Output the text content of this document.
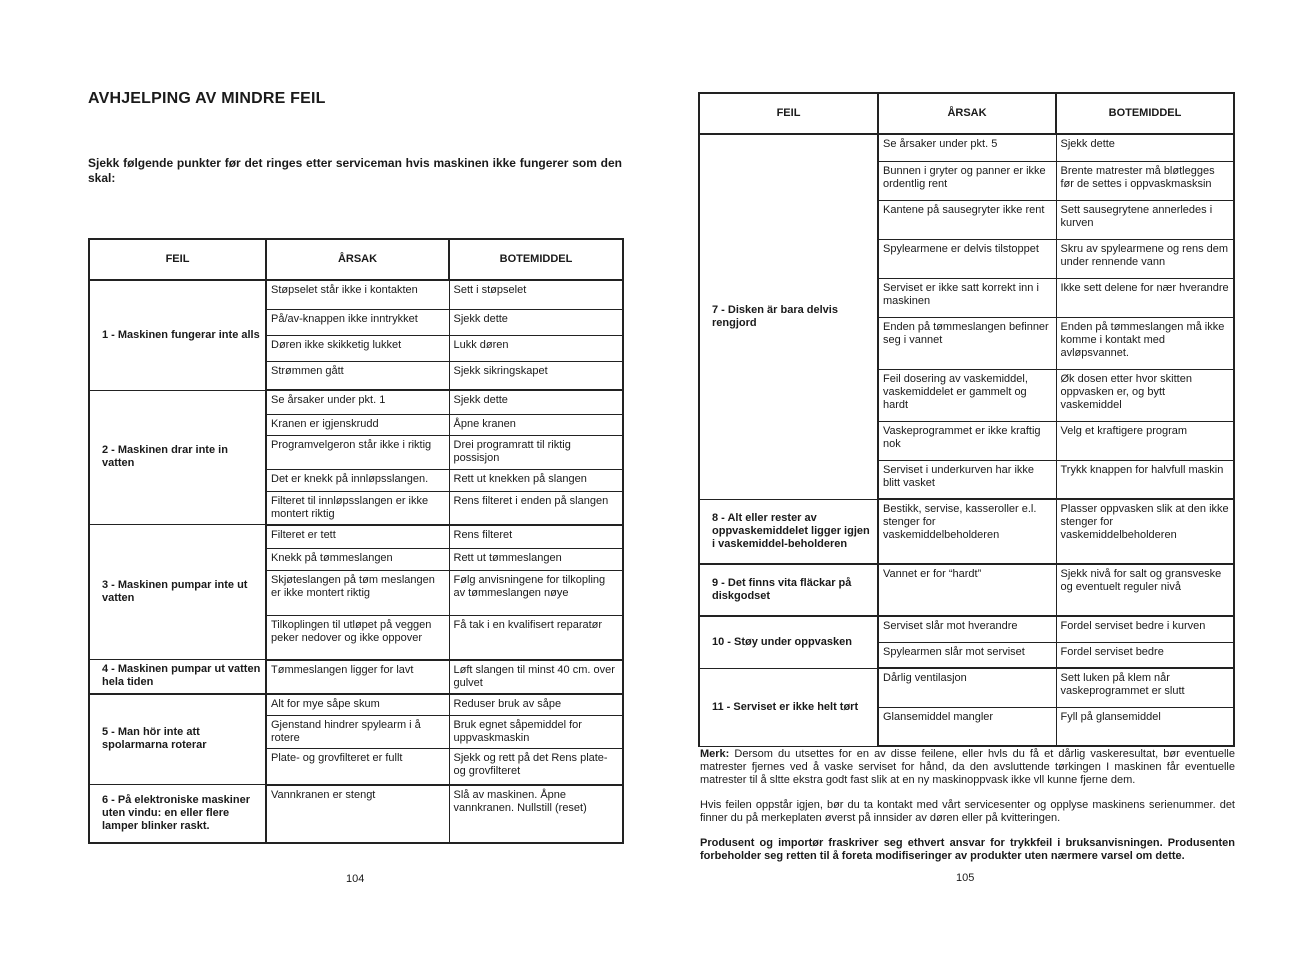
AVHJELPING AV MINDRE FEIL
Sjekk følgende punkter før det ringes etter serviceman hvis maskinen ikke fungerer som den skal:
FEIL	ÅRSAK	BOTEMIDDEL
1 - Maskinen fungerar inte alls	Støpselet står ikke i kontakten	Sett i støpselet
	På/av-knappen ikke inntrykket	Sjekk dette
	Døren ikke skikketig lukket	Lukk døren
	Strømmen gått	Sjekk sikringskapet
2 - Maskinen drar inte in vatten	Se årsaker under pkt. 1	Sjekk dette
	Kranen er igjenskrudd	Åpne kranen
	Programvelgeron står ikke i riktig	Drei programratt til riktig possisjon
	Det er knekk på innløpsslangen.	Rett ut knekken på slangen
	Filteret til innløpsslangen er ikke montert riktig	Rens filteret i enden på slangen
3 - Maskinen pumpar inte ut vatten	Filteret er tett	Rens filteret
	Knekk på tømmeslangen	Rett ut tømmeslangen
	Skjøteslangen på tøm meslangen er ikke montert riktig	Følg anvisningene for tilkopling av tømmeslangen nøye
	Tilkoplingen til utløpet på veggen peker nedover og ikke oppover	Få tak i en kvalifisert reparatør
4 - Maskinen pumpar ut vatten hela tiden	Tømmeslangen ligger for lavt	Løft slangen til minst 40 cm. over gulvet
5 - Man hör inte att spolarmarna roterar	Alt for mye såpe skum	Reduser bruk av såpe
	Gjenstand hindrer spylearm i å rotere	Bruk egnet såpemiddel for uppvaskmaskin
	Plate- og grovfilteret er fullt	Sjekk og rett på det Rens plate- og grovfilteret
6 - På elektroniske maskiner uten vindu: en eller flere lamper blinker raskt.	Vannkranen er stengt	Slå av maskinen. Åpne vannkranen. Nullstill (reset)
104
FEIL	ÅRSAK	BOTEMIDDEL
7 - Disken är bara delvis rengjord	Se årsaker under pkt. 5	Sjekk dette
	Bunnen i gryter og panner er ikke ordentlig rent	Brente matrester må bløtlegges før de settes i oppvaskmasksin
	Kantene på sausegryter ikke rent	Sett sausegrytene annerledes i kurven
	Spylearmene er delvis tilstoppet	Skru av spylearmene og rens dem under rennende vann
	Serviset er ikke satt korrekt inn i maskinen	Ikke sett delene for nær hverandre
	Enden på tømmeslangen befinner seg i vannet	Enden på tømmeslangen må ikke komme i kontakt med avløpsvannet.
	Feil dosering av vaskemiddel, vaskemiddelet er gammelt og hardt	Øk dosen etter hvor skitten oppvasken er, og bytt vaskemiddel
	Vaskeprogrammet er ikke kraftig nok	Velg et kraftigere program
	Serviset i underkurven har ikke blitt vasket	Trykk knappen for halvfull maskin
8 - Alt eller rester av oppvaskemiddelet ligger igjen i vaskemiddel-beholderen	Bestikk, servise, kasseroller e.l. stenger for vaskemiddelbeholderen	Plasser oppvasken slik at den ikke stenger for vaskemiddelbeholderen
9 - Det finns vita fläckar på diskgodset	Vannet er for “hardt”	Sjekk nivå for salt og gransveske og eventuelt reguler nivå
10 - Støy under oppvasken	Serviset slår mot hverandre	Fordel serviset bedre i kurven
	Spylearmen slår mot serviset	Fordel serviset bedre
11 - Serviset er ikke helt tørt	Dårlig ventilasjon	Sett luken på klem når vaskeprogrammet er slutt
	Glansemiddel mangler	Fyll på glansemiddel

Merk: Dersom du utsettes for en av disse feilene, eller hvls du få et dårlig vaskeresultat, bør eventuelle matrester fjernes ved å vaske serviset for hånd, da den avsluttende tørkingen I maskinen får eventuelle matrester til å sltte ekstra godt fast slik at en ny maskinoppvask ikke vll kunne fjerne dem.

Hvis feilen oppstår igjen, bør du ta kontakt med vårt servicesenter og opplyse maskinens serienummer. det finner du på merkeplaten øverst på innsider av døren eller på kvitteringen.

Produsent og importør fraskriver seg ethvert ansvar for trykkfeil i bruksanvisningen. Produsenten forbeholder seg retten til å foreta modifiseringer av produkter uten nærmere varsel om dette.

105
